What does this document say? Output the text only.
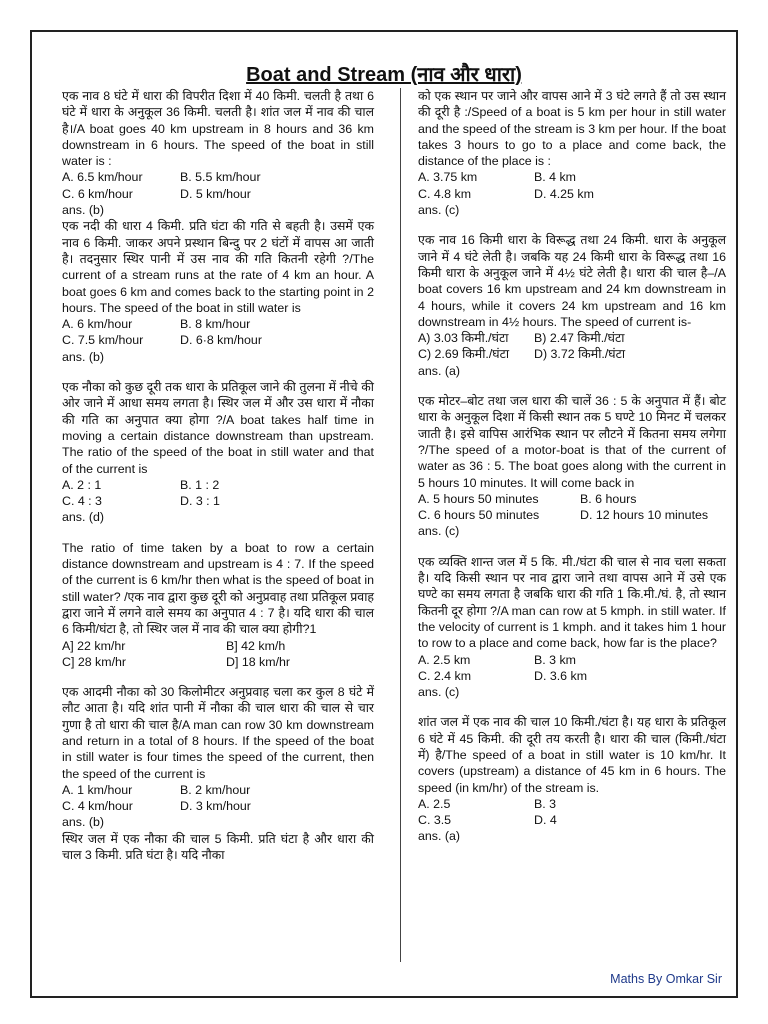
Boat and Stream (नाव और धारा)

एक नाव 8 घंटे में धारा की विपरीत दिशा में 40 किमी. चलती है तथा 6 घंटे में धारा के अनुकूल 36 किमी. चलती है। शांत जल में नाव की चाल है।/A boat goes 40 km upstream in 8 hours and 36 km downstream in 6 hours. The speed of the boat in still water is :

A. 6.5 km/hour	B. 5.5 km/hour
C. 6 km/hour	D. 5 km/hour

ans. (b)

एक नदी की धारा 4 किमी. प्रति घंटा की गति से बहती है। उसमें एक नाव 6 किमी. जाकर अपने प्रस्थान बिन्दु पर 2 घंटों में वापस आ जाती है। तदनुसार स्थिर पानी में उस नाव की गति कितनी रहेगी ?/The current of a stream runs at the rate of 4 km an hour. A boat goes 6 km and comes back to the starting point in 2 hours. The speed of the boat in still water is

A. 6 km/hour	B. 8 km/hour
C. 7.5 km/hour	D. 6·8 km/hour

ans. (b)

एक नौका को कुछ दूरी तक धारा के प्रतिकूल जाने की तुलना में नीचे की ओर जाने में आधा समय लगता है। स्थिर जल में और उस धारा में नौका की गति का अनुपात क्या होगा ?/A boat takes half time in moving a certain distance downstream than upstream. The ratio of the speed of the boat in still water and that of the current is

A. 2 : 1	B. 1 : 2
C. 4 : 3	D. 3 : 1

ans. (d)

The ratio of time taken by a boat to row a certain distance downstream and upstream is 4 : 7. If the speed of the current is 6 km/hr then what is the speed of boat in still water? /एक नाव द्वारा कुछ दूरी को अनुप्रवाह तथा प्रतिकूल प्रवाह द्वारा जाने में लगने वाले समय का अनुपात 4 : 7 है। यदि धारा की चाल 6 किमी/घंटा है, तो स्थिर जल में नाव की चाल क्या होगी?1

A] 22 km/hr	B] 42 km/h
C] 28 km/hr	D] 18 km/hr

एक आदमी नौका को 30 किलोमीटर अनुप्रवाह चला कर कुल 8 घंटे में लौट आता है। यदि शांत पानी में नौका की चाल धारा की चाल से चार गुणा है तो धारा की चाल है/A man can row 30 km downstream and return in a total of 8 hours. If the speed of the boat in still water is four times the speed of the current, then the speed of the current is

A. 1 km/hour	B. 2 km/hour
C. 4 km/hour	D. 3 km/hour

ans. (b)

स्थिर जल में एक नौका की चाल 5 किमी. प्रति घंटा है और धारा की चाल 3 किमी. प्रति घंटा है। यदि नौका

को एक स्थान पर जाने और वापस आने में 3 घंटे लगते हैं तो उस स्थान की दूरी है :/Speed of a boat is 5 km per hour in still water and the speed of the stream is 3 km per hour. If the boat takes 3 hours to go to a place and come back, the distance of the place is :

A. 3.75 km	B. 4 km
C. 4.8 km	D. 4.25 km

ans. (c)

एक नाव 16 किमी धारा के विरूद्ध तथा 24 किमी. धारा के अनुकूल जाने में 4 घंटे लेती है। जबकि यह 24 किमी धारा के विरूद्ध तथा 16 किमी धारा के अनुकूल जाने में 4½ घंटे लेती है। धारा की चाल है–/A boat covers 16 km upstream and 24 km downstream in 4 hours, while it covers 24 km upstream and 16 km downstream in 4½ hours. The speed of current is-

A) 3.03 किमी./घंटा	B) 2.47 किमी./घंटा
C) 2.69 किमी./घंटा	D) 3.72 किमी./घंटा

ans. (a)

एक मोटर–बोट तथा जल धारा की चालें 36 : 5 के अनुपात में हैं। बोट धारा के अनुकूल दिशा में किसी स्थान तक 5 घण्टे 10 मिनट में चलकर जाती है। इसे वापिस आरंभिक स्थान पर लौटने में कितना समय लगेगा ?/The speed of a motor-boat is that of the current of water as 36 : 5. The boat goes along with the current in 5 hours 10 minutes. It will come back in

A. 5 hours 50 minutes	B. 6 hours
C. 6 hours 50 minutes	D. 12 hours 10 minutes

ans. (c)

एक व्यक्ति शान्त जल में 5 कि. मी./घंटा की चाल से नाव चला सकता है। यदि किसी स्थान पर नाव द्वारा जाने तथा वापस आने में उसे एक घण्टे का समय लगता है जबकि धारा की गति 1 कि.मी./घं. है, तो स्थान कितनी दूर होगा ?/A man can row at 5 kmph. in still water. If the velocity of current is 1 kmph. and it takes him 1 hour to row to a place and come back, how far is the place?

A. 2.5 km	B. 3 km
C. 2.4 km	D. 3.6 km

ans. (c)

शांत जल में एक नाव की चाल 10 किमी./घंटा है। यह धारा के प्रतिकूल 6 घंटे में 45 किमी. की दूरी तय करती है। धारा की चाल (किमी./घंटा में) है/The speed of a boat in still water is 10 km/hr. It covers (upstream) a distance of 45 km in 6 hours. The speed (in km/hr) of the stream is.

A. 2.5	B. 3
C. 3.5	D. 4

ans. (a)

Maths By Omkar Sir
